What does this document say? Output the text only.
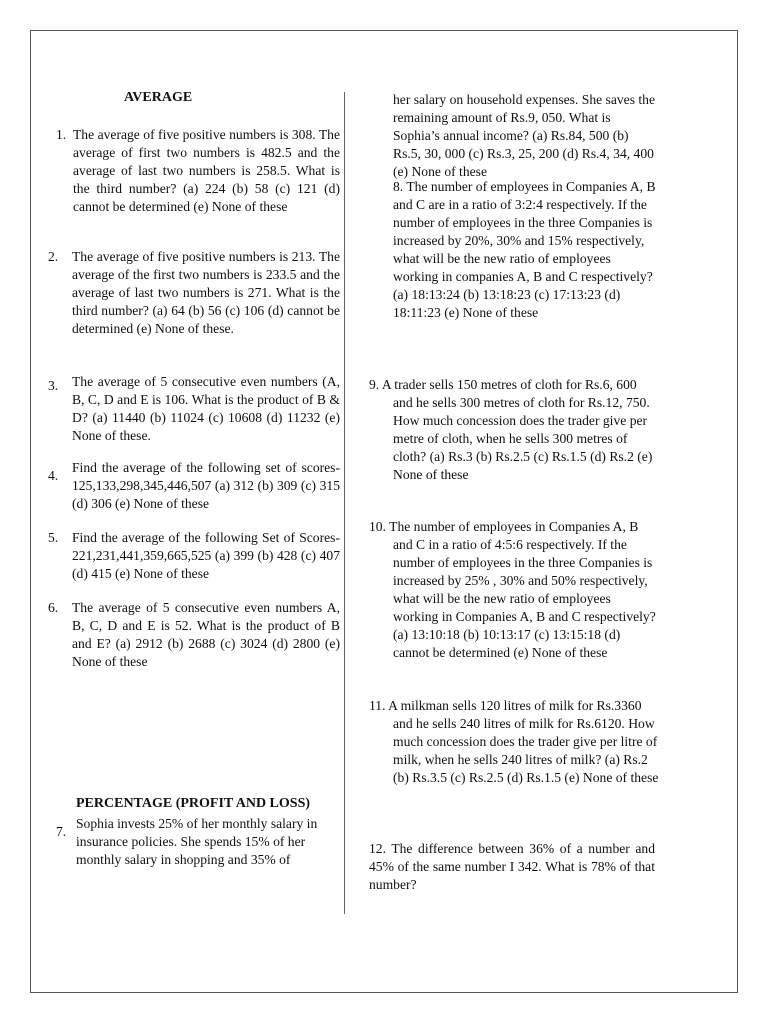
AVERAGE
1. The average of five positive numbers is 308. The average of first two numbers is 482.5 and the average of last two numbers is 258.5. What is the third number? (a) 224 (b) 58 (c) 121 (d) cannot be determined (e) None of these
2. The average of five positive numbers is 213. The average of the first two numbers is 233.5 and the average of last two numbers is 271. What is the third number? (a) 64 (b) 56 (c) 106 (d) cannot be determined (e) None of these.
3. The average of 5 consecutive even numbers (A, B, C, D and E is 106. What is the product of B & D? (a) 11440 (b) 11024 (c) 10608 (d) 11232 (e) None of these.
4.
Find the average of the following set of scores- 125,133,298,345,446,507 (a) 312 (b) 309 (c) 315 (d) 306 (e) None of these
5. Find the average of the following Set of Scores- 221,231,441,359,665,525 (a) 399 (b) 428 (c) 407 (d) 415 (e) None of these
6. The average of 5 consecutive even numbers A, B, C, D and E is 52. What is the product of B and E? (a) 2912 (b) 2688 (c) 3024 (d) 2800 (e) None of these
PERCENTAGE (PROFIT AND LOSS)
7.
Sophia invests 25% of her monthly salary in insurance policies. She spends 15% of her monthly salary in shopping and 35% of
her salary on household expenses. She saves the remaining amount of Rs.9, 050. What is Sophia’s annual income? (a) Rs.84, 500 (b) Rs.5, 30, 000 (c) Rs.3, 25, 200 (d) Rs.4, 34, 400 (e) None of these
8. The number of employees in Companies A, B and C are in a ratio of 3:2:4 respectively. If the number of employees in the three Companies is increased by 20%, 30% and 15% respectively, what will be the new ratio of employees working in companies A, B and C respectively? (a) 18:13:24 (b) 13:18:23 (c) 17:13:23 (d) 18:11:23 (e) None of these
9. A trader sells 150 metres of cloth for Rs.6, 600 and he sells 300 metres of cloth for Rs.12, 750. How much concession does the trader give per metre of cloth, when he sells 300 metres of cloth? (a) Rs.3 (b) Rs.2.5 (c) Rs.1.5 (d) Rs.2 (e) None of these
10. The number of employees in Companies A, B and C in a ratio of 4:5:6 respectively. If the number of employees in the three Companies is increased by 25% , 30% and 50% respectively, what will be the new ratio of employees working in Companies A, B and C respectively? (a) 13:10:18 (b) 10:13:17 (c) 13:15:18 (d) cannot be determined (e) None of these
11. A milkman sells 120 litres of milk for Rs.3360 and he sells 240 litres of milk for Rs.6120. How much concession does the trader give per litre of milk, when he sells 240 litres of milk? (a) Rs.2 (b) Rs.3.5 (c) Rs.2.5 (d) Rs.1.5 (e) None of these
12. The difference between 36% of a number and 45% of the same number I 342. What is 78% of that number?
